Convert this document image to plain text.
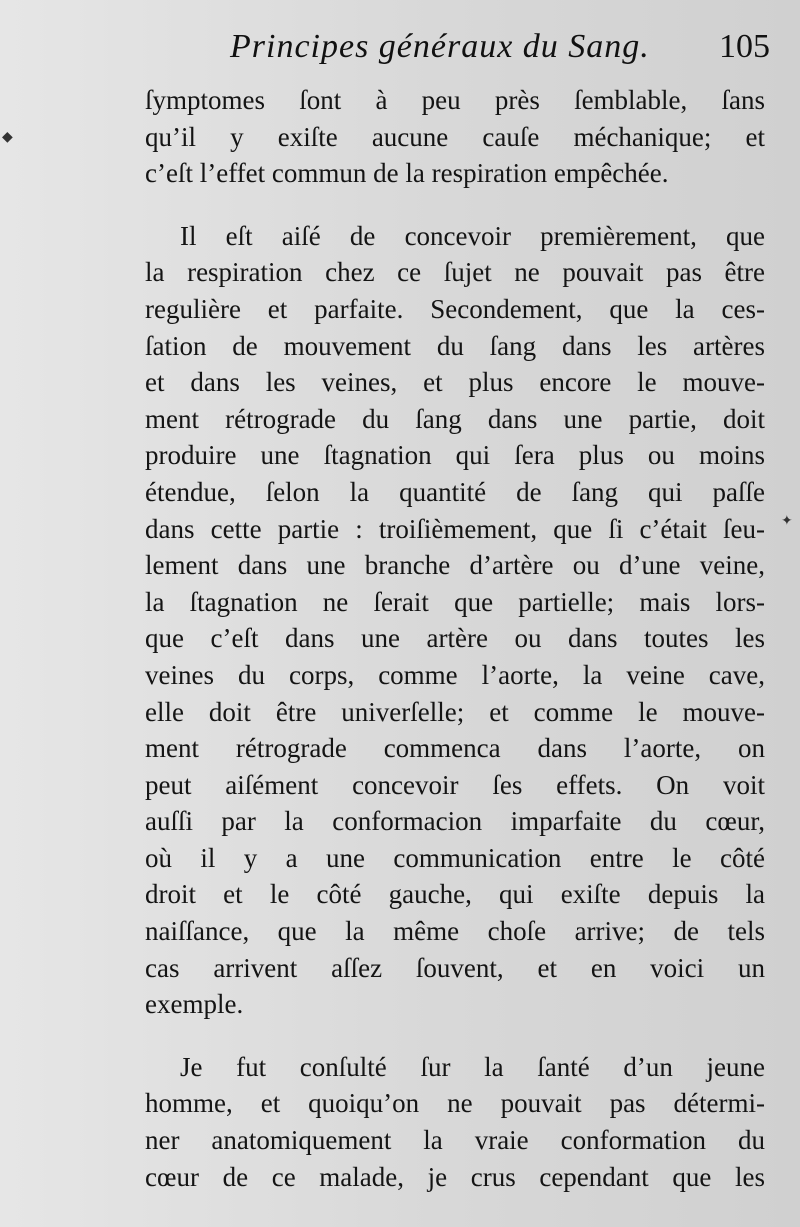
Principes généraux du Sang. 105
ſymptomes ſont à peu près ſemblable, ſans
qu’il y exiſte aucune cauſe méchanique; et
c’eſt l’effet commun de la respiration empêchée.
Il eſt aiſé de concevoir premièrement, que
la respiration chez ce ſujet ne pouvait pas être
regulière et parfaite. Secondement, que la ces-
ſation de mouvement du ſang dans les artères
et dans les veines, et plus encore le mouve-
ment rétrograde du ſang dans une partie, doit
produire une ſtagnation qui ſera plus ou moins
étendue, ſelon la quantité de ſang qui paſſe
dans cette partie : troiſièmement, que ſi c’était ſeu-
lement dans une branche d’artère ou d’une veine,
la ſtagnation ne ſerait que partielle; mais lors-
que c’eſt dans une artère ou dans toutes les
veines du corps, comme l’aorte, la veine cave,
elle doit être univerſelle; et comme le mouve-
ment rétrograde commenca dans l’aorte, on
peut aiſément concevoir ſes effets. On voit
auſſi par la conformacion imparfaite du cœur,
où il y a une communication entre le côté
droit et le côté gauche, qui exiſte depuis la
naiſſance, que la même choſe arrive; de tels
cas arrivent aſſez ſouvent, et en voici un
exemple.
Je fut conſulté ſur la ſanté d’un jeune
homme, et quoiqu’on ne pouvait pas détermi-
ner anatomiquement la vraie conformation du
cœur de ce malade, je crus cependant que les
◆
✦
